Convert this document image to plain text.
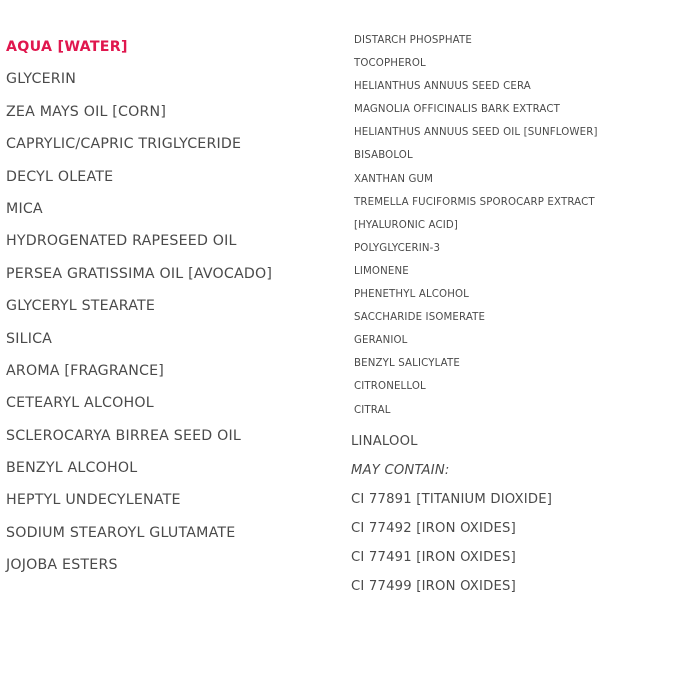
AQUA [WATER]
GLYCERIN
ZEA MAYS OIL [CORN]
CAPRYLIC/CAPRIC TRIGLYCERIDE
DECYL OLEATE
MICA
HYDROGENATED RAPESEED OIL
PERSEA GRATISSIMA OIL [AVOCADO]
GLYCERYL STEARATE
SILICA
AROMA [FRAGRANCE]
CETEARYL ALCOHOL
SCLEROCARYA BIRREA SEED OIL
BENZYL ALCOHOL
HEPTYL UNDECYLENATE
SODIUM STEAROYL GLUTAMATE
JOJOBA ESTERS
DISTARCH PHOSPHATE
TOCOPHEROL
HELIANTHUS ANNUUS SEED CERA
MAGNOLIA OFFICINALIS BARK EXTRACT
HELIANTHUS ANNUUS SEED OIL [SUNFLOWER]
BISABOLOL
XANTHAN GUM
TREMELLA FUCIFORMIS SPOROCARP EXTRACT
[HYALURONIC ACID]
POLYGLYCERIN-3
LIMONENE
PHENETHYL ALCOHOL
SACCHARIDE ISOMERATE
GERANIOL
BENZYL SALICYLATE
CITRONELLOL
CITRAL
LINALOOL
MAY CONTAIN:
CI 77891 [TITANIUM DIOXIDE]
CI 77492 [IRON OXIDES]
CI 77491 [IRON OXIDES]
CI 77499 [IRON OXIDES]
